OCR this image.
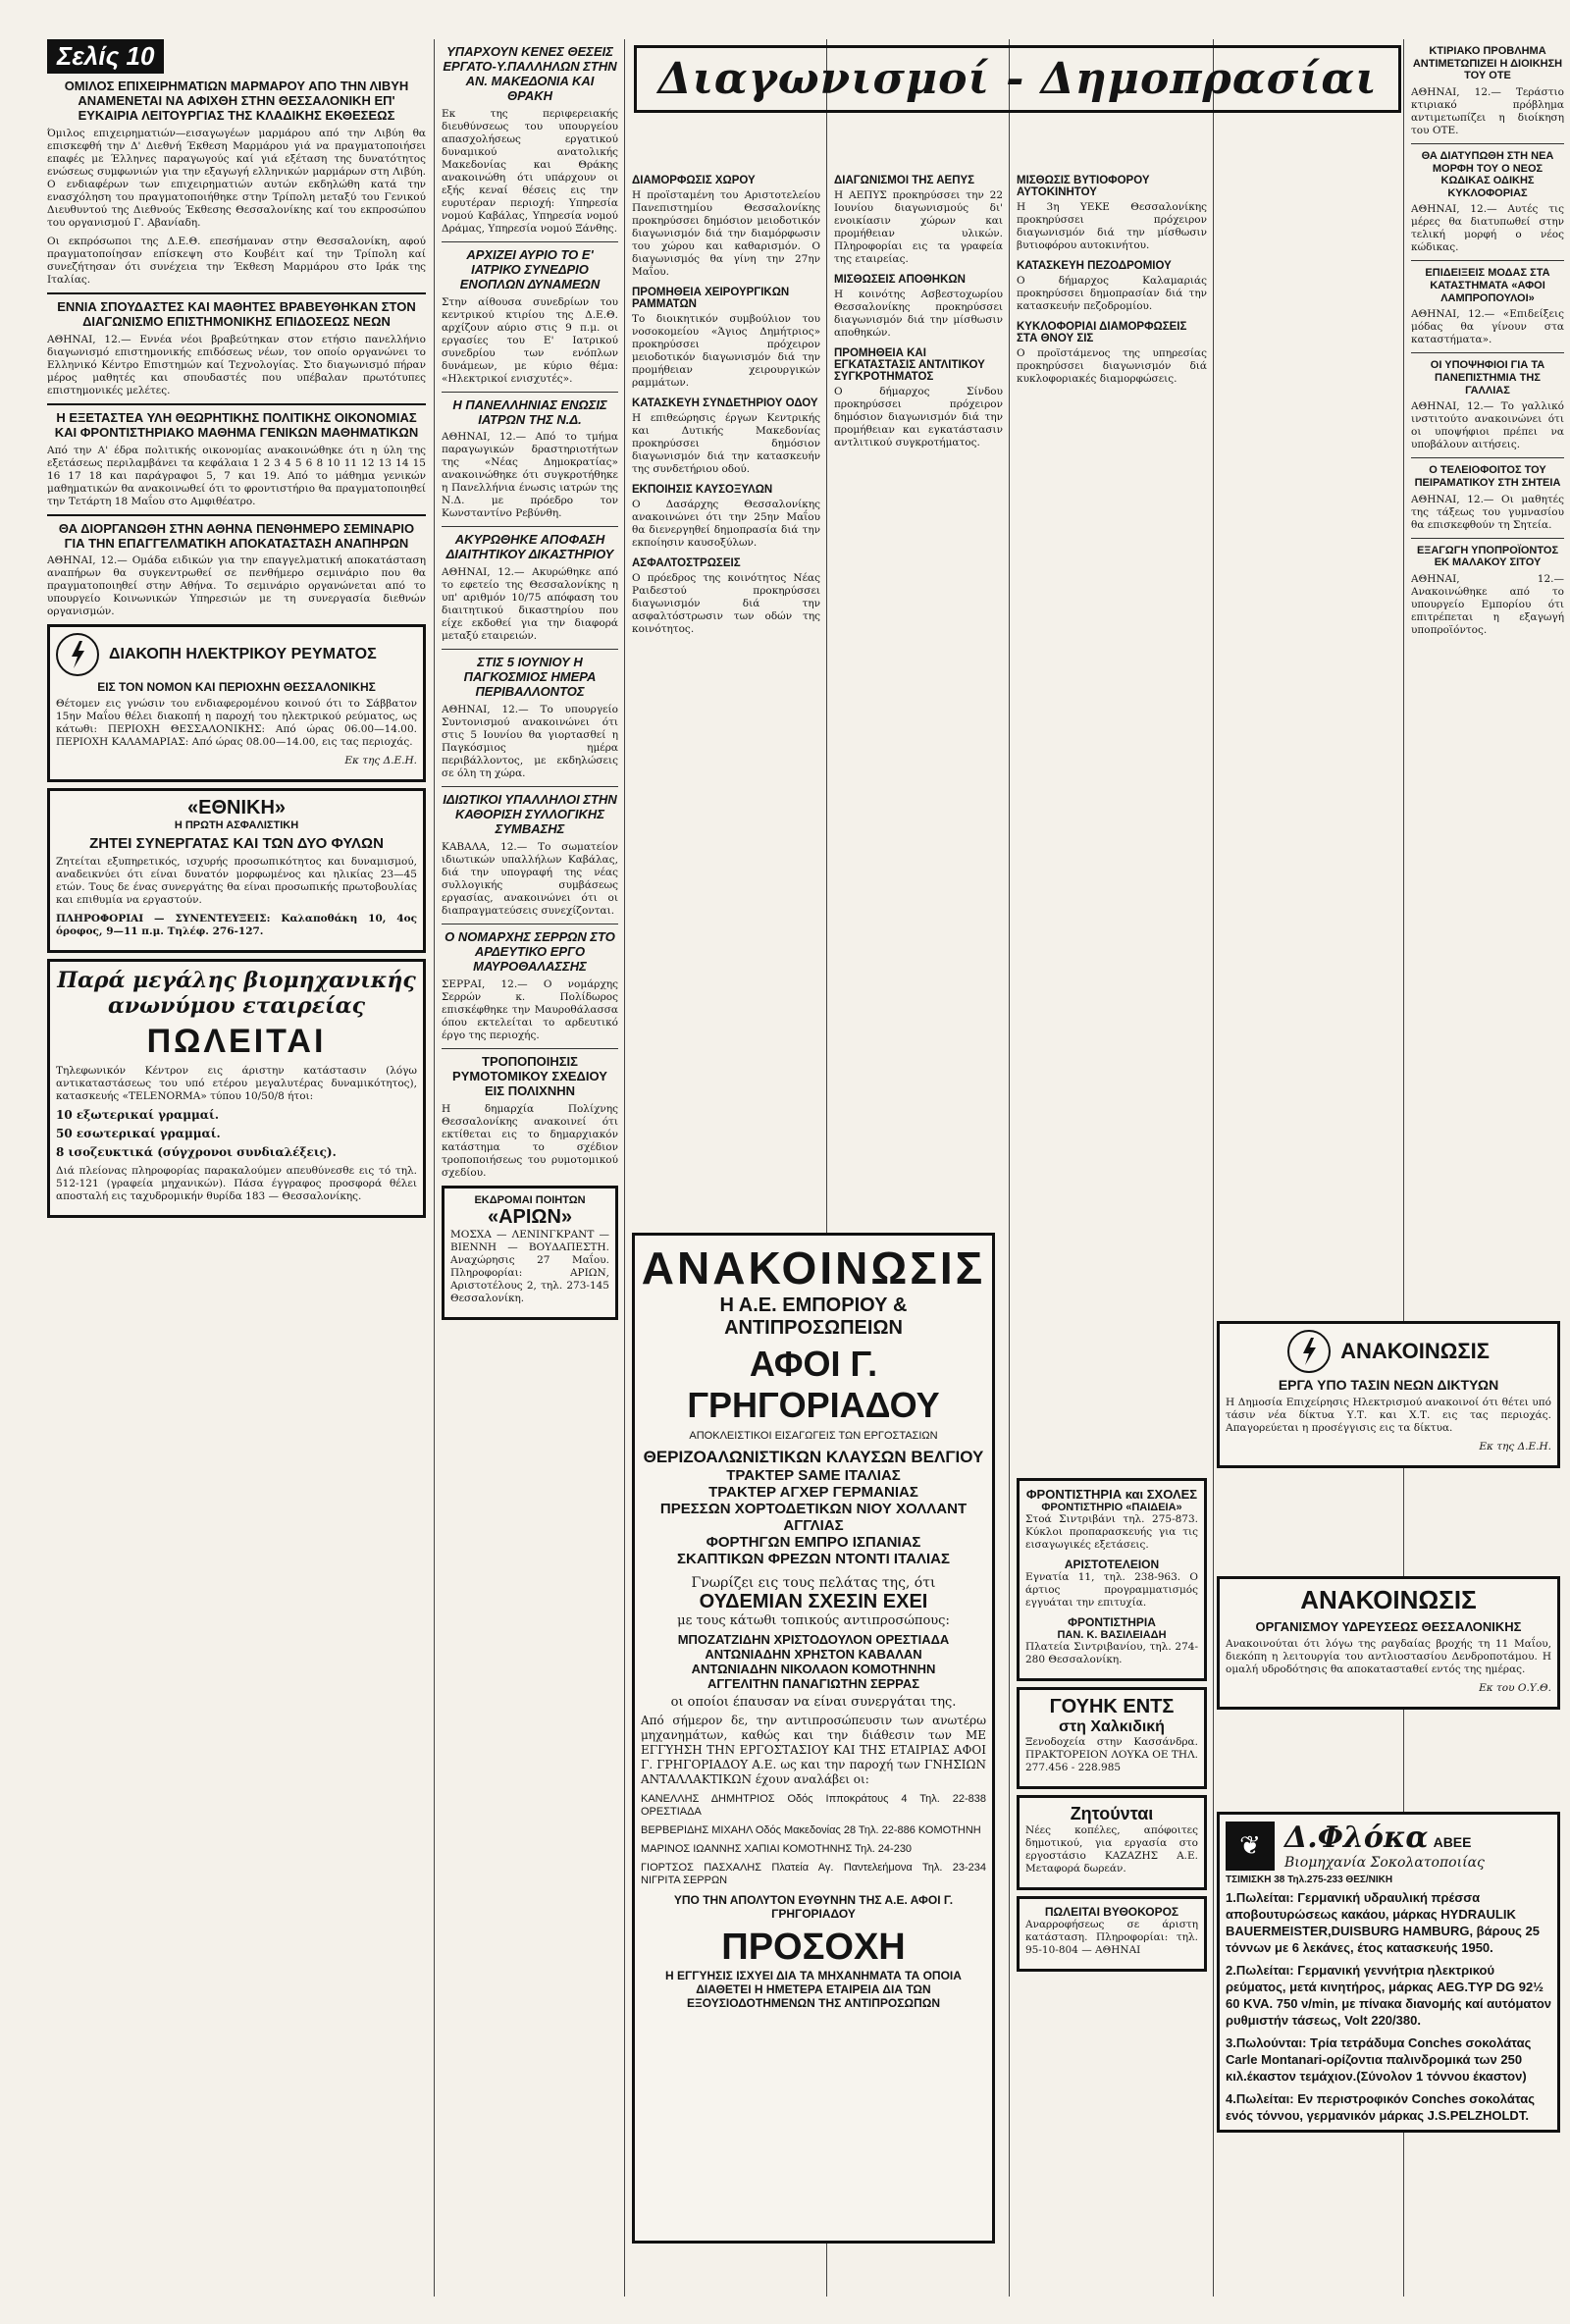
Σελίς 10
ΟΜΙΛΟΣ ΕΠΙΧΕΙΡΗΜΑΤΙΩΝ ΜΑΡΜΑΡΟΥ ΑΠΟ ΤΗΝ ΛΙΒΥΗ ΑΝΑΜΕΝΕΤΑΙ ΝΑ ΑΦΙΧΘΗ ΣΤΗΝ ΘΕΣΣΑΛΟΝΙΚΗ ΕΠ' ΕΥΚΑΙΡΙΑ ΛΕΙΤΟΥΡΓΙΑΣ ΤΗΣ ΚΛΑΔΙΚΗΣ ΕΚΘΕΣΕΩΣ

Όμιλος επιχειρηματιών—εισαγωγέων μαρμάρου από την Λιβύη θα επισκεφθή την Δ' Διεθνή Έκθεση Μαρμάρου γιά να πραγματοποιήσει επαφές με Έλληνες παραγωγούς καί γιά εξέταση της δυνατότητος ενώσεως συμφωνιών για την εξαγωγή ελληνικών μαρμάρων στη Λιβύη. Ο ενδιαφέρων των επιχειρηματιών αυτών εκδηλώθη κατά την ενασχόληση του πραγματοποιήθηκε στην Τρίπολη μεταξύ του Γενικού Διευθυντού της Διεθνούς Έκθεσης Θεσσαλονίκης καί του εκπροσώπου του οργανισμού Γ. Αβανίαδη.

Οι εκπρόσωποι της Δ.Ε.Θ. επεσήμαναν στην Θεσσαλονίκη, αφού πραγματοποίησαν επίσκεψη στο Κουβέιτ καί την Τρίπολη καί συνεζήτησαν ότι συνέχεια την Έκθεση Μαρμάρου στο Ιράκ της Ιταλίας.

ΕΝΝΙΑ ΣΠΟΥΔΑΣΤΕΣ ΚΑΙ ΜΑΘΗΤΕΣ ΒΡΑΒΕΥΘΗΚΑΝ ΣΤΟΝ ΔΙΑΓΩΝΙΣΜΟ ΕΠΙΣΤΗΜΟΝΙΚΗΣ ΕΠΙΔΟΣΕΩΣ ΝΕΩΝ

ΑΘΗΝΑΙ, 12.— Εννέα νέοι βραβεύτηκαν στον ετήσιο πανελλήνιο διαγωνισμό επιστημονικής επιδόσεως νέων, τον οποίο οργανώνει το Ελληνικό Κέντρο Επιστημών καί Τεχνολογίας. Στο διαγωνισμό πήραν μέρος μαθητές και σπουδαστές που υπέβαλαν πρωτότυπες επιστημονικές μελέτες.

Η ΕΞΕΤΑΣΤΕΑ ΥΛΗ ΘΕΩΡΗΤΙΚΗΣ ΠΟΛΙΤΙΚΗΣ ΟΙΚΟΝΟΜΙΑΣ ΚΑΙ ΦΡΟΝΤΙΣΤΗΡΙΑΚΟ ΜΑΘΗΜΑ ΓΕΝΙΚΩΝ ΜΑΘΗΜΑΤΙΚΩΝ

Από την Α' έδρα πολιτικής οικονομίας ανακοινώθηκε ότι η ύλη της εξετάσεως περιλαμβάνει τα κεφάλαια 1 2 3 4 5 6 8 10 11 12 13 14 15 16 17 18 και παράγραφοι 5, 7 και 19. Από το μάθημα γενικών μαθηματικών θα ανακοινωθεί ότι το φροντιστήριο θα πραγματοποιηθεί την Τετάρτη 18 Μαΐου στο Αμφιθέατρο.

ΘΑ ΔΙΟΡΓΑΝΩΘΗ ΣΤΗΝ ΑΘΗΝΑ ΠΕΝΘΗΜΕΡΟ ΣΕΜΙΝΑΡΙΟ ΓΙΑ ΤΗΝ ΕΠΑΓΓΕΛΜΑΤΙΚΗ ΑΠΟΚΑΤΑΣΤΑΣΗ ΑΝΑΠΗΡΩΝ

ΑΘΗΝΑΙ, 12.— Ομάδα ειδικών για την επαγγελματική αποκατάσταση αναπήρων θα συγκεντρωθεί σε πενθήμερο σεμινάριο που θα πραγματοποιηθεί στην Αθήνα. Το σεμινάριο οργανώνεται από το υπουργείο Κοινωνικών Υπηρεσιών με τη συνεργασία διεθνών οργανισμών.

ΔΙΑΚΟΠΗ ΗΛΕΚΤΡΙΚΟΥ ΡΕΥΜΑΤΟΣ
ΕΙΣ ΤΟΝ ΝΟΜΟΝ ΚΑΙ ΠΕΡΙΟΧΗΝ ΘΕΣΣΑΛΟΝΙΚΗΣ

Θέτομεν εις γνώσιν του ενδιαφερομένου κοινού ότι το Σάββατον 15ην Μαΐου θέλει διακοπή η παροχή του ηλεκτρικού ρεύματος, ως κάτωθι: ΠΕΡΙΟΧΗ ΘΕΣΣΑΛΟΝΙΚΗΣ: Από ώρας 06.00—14.00. ΠΕΡΙΟΧΗ ΚΑΛΑΜΑΡΙΑΣ: Από ώρας 08.00—14.00, εις τας περιοχάς.

Εκ της Δ.Ε.Η.
«ΕΘΝΙΚΗ»
Η ΠΡΩΤΗ ΑΣΦΑΛΙΣΤΙΚΗ
ΖΗΤΕΙ ΣΥΝΕΡΓΑΤΑΣ ΚΑΙ ΤΩΝ ΔΥΟ ΦΥΛΩΝ

Ζητείται εξυπηρετικός, ισχυρής προσωπικότητος και δυναμισμού, αναδεικνύει ότι είναι δυνατόν μορφωμένος και ηλικίας 23—45 ετών. Τους δε ένας συνεργάτης θα είναι προσωπικής πρωτοβουλίας και επιθυμία να εργαστούν.

ΠΛΗΡΟΦΟΡΙΑΙ — ΣΥΝΕΝΤΕΥΞΕΙΣ: Καλαποθάκη 10, 4ος όροφος, 9—11 π.μ. Τηλέφ. 276-127.

Παρά μεγάλης βιομηχανικής
ανωνύμου εταιρείας
ΠΩΛΕΙΤΑΙ

Τηλεφωνικόν Κέντρον εις άριστην κατάστασιν (λόγω αντικαταστάσεως του υπό ετέρου μεγαλυτέρας δυναμικότητος), κατασκευής «TELENORMA» τύπου 10/50/8 ήτοι:

10 εξωτερικαί γραμμαί.
50 εσωτερικαί γραμμαί.
8 ισοζευκτικά (σύγχρονοι συνδιαλέξεις).

Διά πλείονας πληροφορίας παρακαλούμεν απευθύνεσθε εις τό τηλ. 512-121 (γραφεία μηχανικών). Πάσα έγγραφος προσφορά θέλει αποσταλή εις ταχυδρομικήν θυρίδα 183 — Θεσσαλονίκης.

ΥΠΑΡΧΟΥΝ ΚΕΝΕΣ ΘΕΣΕΙΣ ΕΡΓΑΤΟ-Υ.ΠΑΛΛΗΛΩΝ ΣΤΗΝ ΑΝ. ΜΑΚΕΔΟΝΙΑ ΚΑΙ ΘΡΑΚΗ

Εκ της περιφερειακής διευθύνσεως του υπουργείου απασχολήσεως εργατικού δυναμικού ανατολικής Μακεδονίας και Θράκης ανακοινώθη ότι υπάρχουν οι εξής κεναί θέσεις εις την ευρυτέραν περιοχή: Υπηρεσία νομού Καβάλας, Υπηρεσία νομού Δράμας, Υπηρεσία νομού Ξάνθης.

ΑΡΧΙΖΕΙ ΑΥΡΙΟ ΤΟ Ε' ΙΑΤΡΙΚΟ ΣΥΝΕΔΡΙΟ ΕΝΟΠΛΩΝ ΔΥΝΑΜΕΩΝ

Στην αίθουσα συνεδρίων του κεντρικού κτιρίου της Δ.Ε.Θ. αρχίζουν αύριο στις 9 π.μ. οι εργασίες του Ε' Ιατρικού συνεδρίου των ενόπλων δυνάμεων, με κύριο θέμα: «Ηλεκτρικοί ενισχυτές».

Η ΠΑΝΕΛΛΗΝΙΑΣ ΕΝΩΣΙΣ ΙΑΤΡΩΝ ΤΗΣ Ν.Δ.

ΑΘΗΝΑΙ, 12.— Από το τμήμα παραγωγικών δραστηριοτήτων της «Νέας Δημοκρατίας» ανακοινώθηκε ότι συγκροτήθηκε η Πανελλήνια ένωσις ιατρών της Ν.Δ. με πρόεδρο τον Κωνσταντίνο Ρεβύνθη.

ΑΚΥΡΩΘΗΚΕ ΑΠΟΦΑΣΗ ΔΙΑΙΤΗΤΙΚΟΥ ΔΙΚΑΣΤΗΡΙΟΥ

ΑΘΗΝΑΙ, 12.— Ακυρώθηκε από το εφετείο της Θεσσαλονίκης η υπ' αριθμόν 10/75 απόφαση του διαιτητικού δικαστηρίου που είχε εκδοθεί για την διαφορά μεταξύ εταιρειών.

ΣΤΙΣ 5 ΙΟΥΝΙΟΥ Η ΠΑΓΚΟΣΜΙΟΣ ΗΜΕΡΑ ΠΕΡΙΒΑΛΛΟΝΤΟΣ

ΑΘΗΝΑΙ, 12.— Το υπουργείο Συντονισμού ανακοινώνει ότι στις 5 Ιουνίου θα γιορτασθεί η Παγκόσμιος ημέρα περιβάλλοντος, με εκδηλώσεις σε όλη τη χώρα.

ΙΔΙΩΤΙΚΟΙ ΥΠΑΛΛΗΛΟΙ ΣΤΗΝ ΚΑΘΟΡΙΣΗ ΣΥΛΛΟΓΙΚΗΣ ΣΥΜΒΑΣΗΣ

ΚΑΒΑΛΑ, 12.— Το σωματείον ιδιωτικών υπαλλήλων Καβάλας, διά την υπογραφή της νέας συλλογικής συμβάσεως εργασίας, ανακοινώνει ότι οι διαπραγματεύσεις συνεχίζονται.

Ο ΝΟΜΑΡΧΗΣ ΣΕΡΡΩΝ ΣΤΟ ΑΡΔΕΥΤΙΚΟ ΕΡΓΟ ΜΑΥΡΟΘΑΛΑΣΣΗΣ

ΣΕΡΡΑΙ, 12.— Ο νομάρχης Σερρών κ. Πολίδωρος επισκέφθηκε την Μαυροθάλασσα όπου εκτελείται το αρδευτικό έργο της περιοχής.

ΤΡΟΠΟΠΟΙΗΣΙΣ ΡΥΜΟΤΟΜΙΚΟΥ ΣΧΕΔΙΟΥ ΕΙΣ ΠΟΛΙΧΝΗΝ

Η δημαρχία Πολίχνης Θεσσαλονίκης ανακοινεί ότι εκτίθεται εις το δημαρχιακόν κατάστημα το σχέδιον τροποποιήσεως του ρυμοτομικού σχεδίου.

ΕΚΔΡΟΜΑΙ ΠΟΙΗΤΩΝ
«ΑΡΙΩΝ»

ΜΟΣΧΑ — ΛΕΝΙΝΓΚΡΑΝΤ — ΒΙΕΝΝΗ — ΒΟΥΔΑΠΕΣΤΗ. Αναχώρησις 27 Μαΐου. Πληροφορίαι: ΑΡΙΩΝ, Αριστοτέλους 2, τηλ. 273-145 Θεσσαλονίκη.

Διαγωνισμοί - Δημοπρασίαι
ΔΙΑΜΟΡΦΩΣΙΣ ΧΩΡΟΥ

Η προϊσταμένη του Αριστοτελείου Πανεπιστημίου Θεσσαλονίκης προκηρύσσει δημόσιον μειοδοτικόν διαγωνισμόν διά την διαμόρφωσιν του χώρου και καθαρισμόν. Ο διαγωνισμός θα γίνη την 27ην Μαΐου.

ΠΡΟΜΗΘΕΙΑ ΧΕΙΡΟΥΡΓΙΚΩΝ ΡΑΜΜΑΤΩΝ

Το διοικητικόν συμβούλιον του νοσοκομείου «Άγιος Δημήτριος» προκηρύσσει πρόχειρον μειοδοτικόν διαγωνισμόν διά την προμήθειαν χειρουργικών ραμμάτων.

ΚΑΤΑΣΚΕΥΗ ΣΥΝΔΕΤΗΡΙΟΥ ΟΔΟΥ

Η επιθεώρησις έργων Κεντρικής και Δυτικής Μακεδονίας προκηρύσσει δημόσιον διαγωνισμόν διά την κατασκευήν της συνδετήριου οδού.

ΕΚΠΟΙΗΣΙΣ ΚΑΥΣΟΞΥΛΩΝ

Ο Δασάρχης Θεσσαλονίκης ανακοινώνει ότι την 25ην Μαΐου θα διενεργηθεί δημοπρασία διά την εκποίησιν καυσοξύλων.

ΑΣΦΑΛΤΟΣΤΡΩΣΕΙΣ

Ο πρόεδρος της κοινότητος Νέας Ραιδεστού προκηρύσσει διαγωνισμόν διά την ασφαλτόστρωσιν των οδών της κοινότητος.

ΔΙΑΓΩΝΙΣΜΟΙ ΤΗΣ ΑΕΠΥΣ

Η ΑΕΠΥΣ προκηρύσσει την 22 Ιουνίου διαγωνισμούς δι' ενοικίασιν χώρων και προμήθειαν υλικών. Πληροφορίαι εις τα γραφεία της εταιρείας.

ΜΙΣΘΩΣΕΙΣ ΑΠΟΘΗΚΩΝ

Η κοινότης Ασβεστοχωρίου Θεσσαλονίκης προκηρύσσει διαγωνισμόν διά την μίσθωσιν αποθηκών.

ΠΡΟΜΗΘΕΙΑ ΚΑΙ ΕΓΚΑΤΑΣΤΑΣΙΣ ΑΝΤΛΙΤΙΚΟΥ ΣΥΓΚΡΟΤΗΜΑΤΟΣ

Ο δήμαρχος Σίνδου προκηρύσσει πρόχειρον δημόσιον διαγωνισμόν διά την προμήθειαν και εγκατάστασιν αντλιτικού συγκροτήματος.

ΜΙΣΘΩΣΙΣ ΒΥΤΙΟΦΟΡΟΥ ΑΥΤΟΚΙΝΗΤΟΥ

Η 3η ΥΕΚΕ Θεσσαλονίκης προκηρύσσει πρόχειρον διαγωνισμόν διά την μίσθωσιν βυτιοφόρου αυτοκινήτου.

ΚΑΤΑΣΚΕΥΗ ΠΕΖΟΔΡΟΜΙΟΥ

Ο δήμαρχος Καλαμαριάς προκηρύσσει δημοπρασίαν διά την κατασκευήν πεζοδρομίου.

ΚΥΚΛΟΦΟΡΙΑΙ ΔΙΑΜΟΡΦΩΣΕΙΣ ΣΤΑ ΘΝΟΥ ΣΙΣ

Ο προϊστάμενος της υπηρεσίας προκηρύσσει διαγωνισμόν διά κυκλοφοριακές διαμορφώσεις.

ΑΝΑΚΟΙΝΩΣΙΣ
Η Α.Ε. ΕΜΠΟΡΙΟΥ & ΑΝΤΙΠΡΟΣΩΠΕΙΩΝ
ΑΦΟΙ Γ. ΓΡΗΓΟΡΙΑΔΟΥ
ΑΠΟΚΛΕΙΣΤΙΚΟΙ ΕΙΣΑΓΩΓΕΙΣ ΤΩΝ ΕΡΓΟΣΤΑΣΙΩΝ
ΘΕΡΙΖΟΑΛΩΝΙΣΤΙΚΩΝ ΚΛΑΥΣΩΝ ΒΕΛΓΙΟΥ
ΤΡΑΚΤΕΡ SAME ΙΤΑΛΙΑΣ
ΤΡΑΚΤΕΡ ΑΓΧΕΡ ΓΕΡΜΑΝΙΑΣ
ΠΡΕΣΣΩΝ ΧΟΡΤΟΔΕΤΙΚΩΝ ΝΙΟΥ ΧΟΛΛΑΝΤ ΑΓΓΛΙΑΣ
ΦΟΡΤΗΓΩΝ ΕΜΠΡΟ ΙΣΠΑΝΙΑΣ
ΣΚΑΠΤΙΚΩΝ ΦΡΕΖΩΝ ΝΤΟΝΤΙ ΙΤΑΛΙΑΣ
Γνωρίζει εις τους πελάτας της, ότι
ΟΥΔΕΜΙΑΝ ΣΧΕΣΙΝ ΕΧΕΙ
με τους κάτωθι τοπικούς αντιπροσώπους:
ΜΠΟΖΑΤΖΙΔΗΝ ΧΡΙΣΤΟΔΟΥΛΟΝ ΟΡΕΣΤΙΑΔΑ
ΑΝΤΩΝΙΑΔΗΝ ΧΡΗΣΤΟΝ ΚΑΒΑΛΑΝ
ΑΝΤΩΝΙΑΔΗΝ ΝΙΚΟΛΑΟΝ ΚΟΜΟΤΗΝΗΝ
ΑΓΓΕΛΙΤΗΝ ΠΑΝΑΓΙΩΤΗΝ ΣΕΡΡΑΣ
οι οποίοι έπαυσαν να είναι συνεργάται της.

Από σήμερον δε, την αντιπροσώπευσιν των ανωτέρω μηχανημάτων, καθώς και την διάθεσιν των ΜΕ ΕΓΓΥΗΣΗ ΤΗΝ ΕΡΓΟΣΤΑΣΙΟΥ ΚΑΙ ΤΗΣ ΕΤΑΙΡΙΑΣ ΑΦΟΙ Γ. ΓΡΗΓΟΡΙΑΔΟΥ Α.Ε. ως και την παροχή των ΓΝΗΣΙΩΝ ΑΝΤΑΛΛΑΚΤΙΚΩΝ έχουν αναλάβει οι:

ΚΑΝΕΛΛΗΣ ΔΗΜΗΤΡΙΟΣ Οδός Ιπποκράτους 4 Τηλ. 22-838 ΟΡΕΣΤΙΑΔΑ
ΒΕΡΒΕΡΙΔΗΣ ΜΙΧΑΗΛ Οδός Μακεδονίας 28 Τηλ. 22-886 ΚΟΜΟΤΗΝΗ
ΜΑΡΙΝΟΣ ΙΩΑΝΝΗΣ ΧΑΠΙΑΙ ΚΟΜΟΤΗΝΗΣ Τηλ. 24-230
ΓΙΟΡΤΣΟΣ ΠΑΣΧΑΛΗΣ Πλατεία Αγ. Παντελεήμονα Τηλ. 23-234 ΝΙΓΡΙΤΑ ΣΕΡΡΩΝ
ΥΠΟ ΤΗΝ ΑΠΟΛΥΤΟΝ ΕΥΘΥΝΗΝ ΤΗΣ Α.Ε. ΑΦΟΙ Γ. ΓΡΗΓΟΡΙΑΔΟΥ
ΠΡΟΣΟΧΗ
Η ΕΓΓΥΗΣΙΣ ΙΣΧΥΕΙ ΔΙΑ ΤΑ ΜΗΧΑΝΗΜΑΤΑ ΤΑ ΟΠΟΙΑ ΔΙΑΘΕΤΕΙ Η ΗΜΕΤΕΡΑ ΕΤΑΙΡΕΙΑ ΔΙΑ ΤΩΝ ΕΞΟΥΣΙΟΔΟΤΗΜΕΝΩΝ ΤΗΣ ΑΝΤΙΠΡΟΣΩΠΩΝ
ΦΡΟΝΤΙΣΤΗΡΙΑ και ΣΧΟΛΕΣ
ΦΡΟΝΤΙΣΤΗΡΙΟ «ΠΑΙΔΕΙΑ»

Στοά Σιντριβάνι τηλ. 275-873. Κύκλοι προπαρασκευής για τις εισαγωγικές εξετάσεις.

ΑΡΙΣΤΟΤΕΛΕΙΟΝ

Εγνατία 11, τηλ. 238-963. Ο άρτιος προγραμματισμός εγγυάται την επιτυχία.

ΦΡΟΝΤΙΣΤΗΡΙΑ
ΠΑΝ. Κ. ΒΑΣΙΛΕΙΑΔΗ

Πλατεία Σιντριβανίου, τηλ. 274-280 Θεσσαλονίκη.

ΓΟΥΗΚ ΕΝΤΣ
στη Χαλκιδική

Ξενοδοχεία στην Κασσάνδρα. ΠΡΑΚΤΟΡΕΙΟΝ ΛΟΥΚΑ ΟΕ ΤΗΛ. 277.456 - 228.985

Ζητούνται

Νέες κοπέλες, απόφοιτες δημοτικού, για εργασία στο εργοστάσιο ΚΑΖΑΖΗΣ Α.Ε. Μεταφορά δωρεάν.

ΠΩΛΕΙΤΑΙ ΒΥΘΟΚΟΡΟΣ

Αναρροφήσεως σε άριστη κατάσταση. Πληροφορίαι: τηλ. 95-10-804 — ΑΘΗΝΑΙ

ΚΤΙΡΙΑΚΟ ΠΡΟΒΛΗΜΑ ΑΝΤΙΜΕΤΩΠΙΖΕΙ Η ΔΙΟΙΚΗΣΗ ΤΟΥ ΟΤΕ

ΑΘΗΝΑΙ, 12.— Τεράστιο κτιριακό πρόβλημα αντιμετωπίζει η διοίκηση του ΟΤΕ.

ΘΑ ΔΙΑΤΥΠΩΘΗ ΣΤΗ ΝΕΑ ΜΟΡΦΗ ΤΟΥ Ο ΝΕΟΣ ΚΩΔΙΚΑΣ ΟΔΙΚΗΣ ΚΥΚΛΟΦΟΡΙΑΣ

ΑΘΗΝΑΙ, 12.— Αυτές τις μέρες θα διατυπωθεί στην τελική μορφή ο νέος κώδικας.

ΕΠΙΔΕΙΞΕΙΣ ΜΟΔΑΣ ΣΤΑ ΚΑΤΑΣΤΗΜΑΤΑ «ΑΦΟΙ ΛΑΜΠΡΟΠΟΥΛΟΙ»

ΑΘΗΝΑΙ, 12.— «Επιδείξεις μόδας θα γίνουν στα καταστήματα».

ΟΙ ΥΠΟΨΗΦΙΟΙ ΓΙΑ ΤΑ ΠΑΝΕΠΙΣΤΗΜΙΑ ΤΗΣ ΓΑΛΛΙΑΣ

ΑΘΗΝΑΙ, 12.— Το γαλλικό ινστιτούτο ανακοινώνει ότι οι υποψήφιοι πρέπει να υποβάλουν αιτήσεις.

Ο ΤΕΛΕΙΟΦΟΙΤΟΣ ΤΟΥ ΠΕΙΡΑΜΑΤΙΚΟΥ ΣΤΗ ΣΗΤΕΙΑ

ΑΘΗΝΑΙ, 12.— Οι μαθητές της τάξεως του γυμνασίου θα επισκεφθούν τη Σητεία.

ΕΞΑΓΩΓΗ ΥΠΟΠΡΟΪΟΝΤΟΣ ΕΚ ΜΑΛΑΚΟΥ ΣΙΤΟΥ

ΑΘΗΝΑΙ, 12.— Ανακοινώθηκε από το υπουργείο Εμπορίου ότι επιτρέπεται η εξαγωγή υποπροϊόντος.

ΑΝΑΚΟΙΝΩΣΙΣ
ΕΡΓΑ ΥΠΟ ΤΑΣΙΝ ΝΕΩΝ ΔΙΚΤΥΩΝ

Η Δημοσία Επιχείρησις Ηλεκτρισμού ανακοινοί ότι θέτει υπό τάσιν νέα δίκτυα Υ.Τ. και Χ.Τ. εις τας περιοχάς. Απαγορεύεται η προσέγγισις εις τα δίκτυα.

Εκ της Δ.Ε.Η.
ΑΝΑΚΟΙΝΩΣΙΣ
ΟΡΓΑΝΙΣΜΟΥ ΥΔΡΕΥΣΕΩΣ ΘΕΣΣΑΛΟΝΙΚΗΣ

Ανακοινούται ότι λόγω της ραγδαίας βροχής τη 11 Μαΐου, διεκόπη η λειτουργία του αντλιοστασίου Δενδροποτάμου. Η ομαλή υδροδότησις θα αποκατασταθεί εντός της ημέρας.

Εκ του Ο.Υ.Θ.
❦ Δ.Φλόκα ΑΒΕΕ
Βιομηχανία Σοκολατοποιίας
ΤΣΙΜΙΣΚΗ 38 Τηλ.275-233 ΘΕΣ/ΝΙΚΗ
1.Πωλείται: Γερμανική υδραυλική πρέσσα αποβουτυρώσεως κακάου, μάρκας HYDRAULIK BAUERMEISTER,DUISBURG HAMBURG, βάρους 25 τόννων με 6 λεκάνες, έτος κατασκευής 1950.
2.Πωλείται: Γερμανική γεννήτρια ηλεκτρικού ρεύματος, μετά κινητήρος, μάρκας AEG.TYP DG 92½ 60 KVA. 750 ν/min, με πίνακα διανομής καί αυτόματον ρυθμιστήν τάσεως, Volt 220/380.
3.Πωλούνται: Τρία τετράδυμα Conches σοκολάτας Carle Montanari-ορίζοντια παλινδρομικά των 250 κιλ.έκαστον τεμάχιον.(Σύνολον 1 τόννου έκαστον)
4.Πωλείται: Εν περιστροφικόν Conches σοκολάτας ενός τόννου, γερμανικόν μάρκας J.S.PELZHOLDT.
